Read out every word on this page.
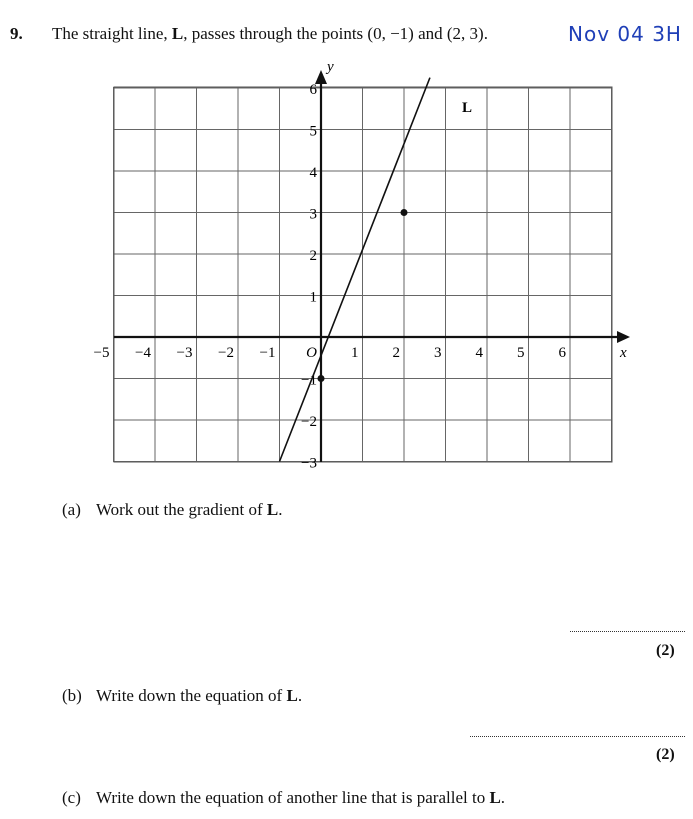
9. The straight line, L, passes through the points (0, −1) and (2, 3).	Nov 04 3H
x
y
−5 −4 −3 −2 −1 O 1 2 3 4 5 6
−3
−2
−1
1
2
3
4
5
6
L
(a) Work out the gradient of L.
(2)
(b) Write down the equation of L.
(2)
(c) Write down the equation of another line that is parallel to L.
